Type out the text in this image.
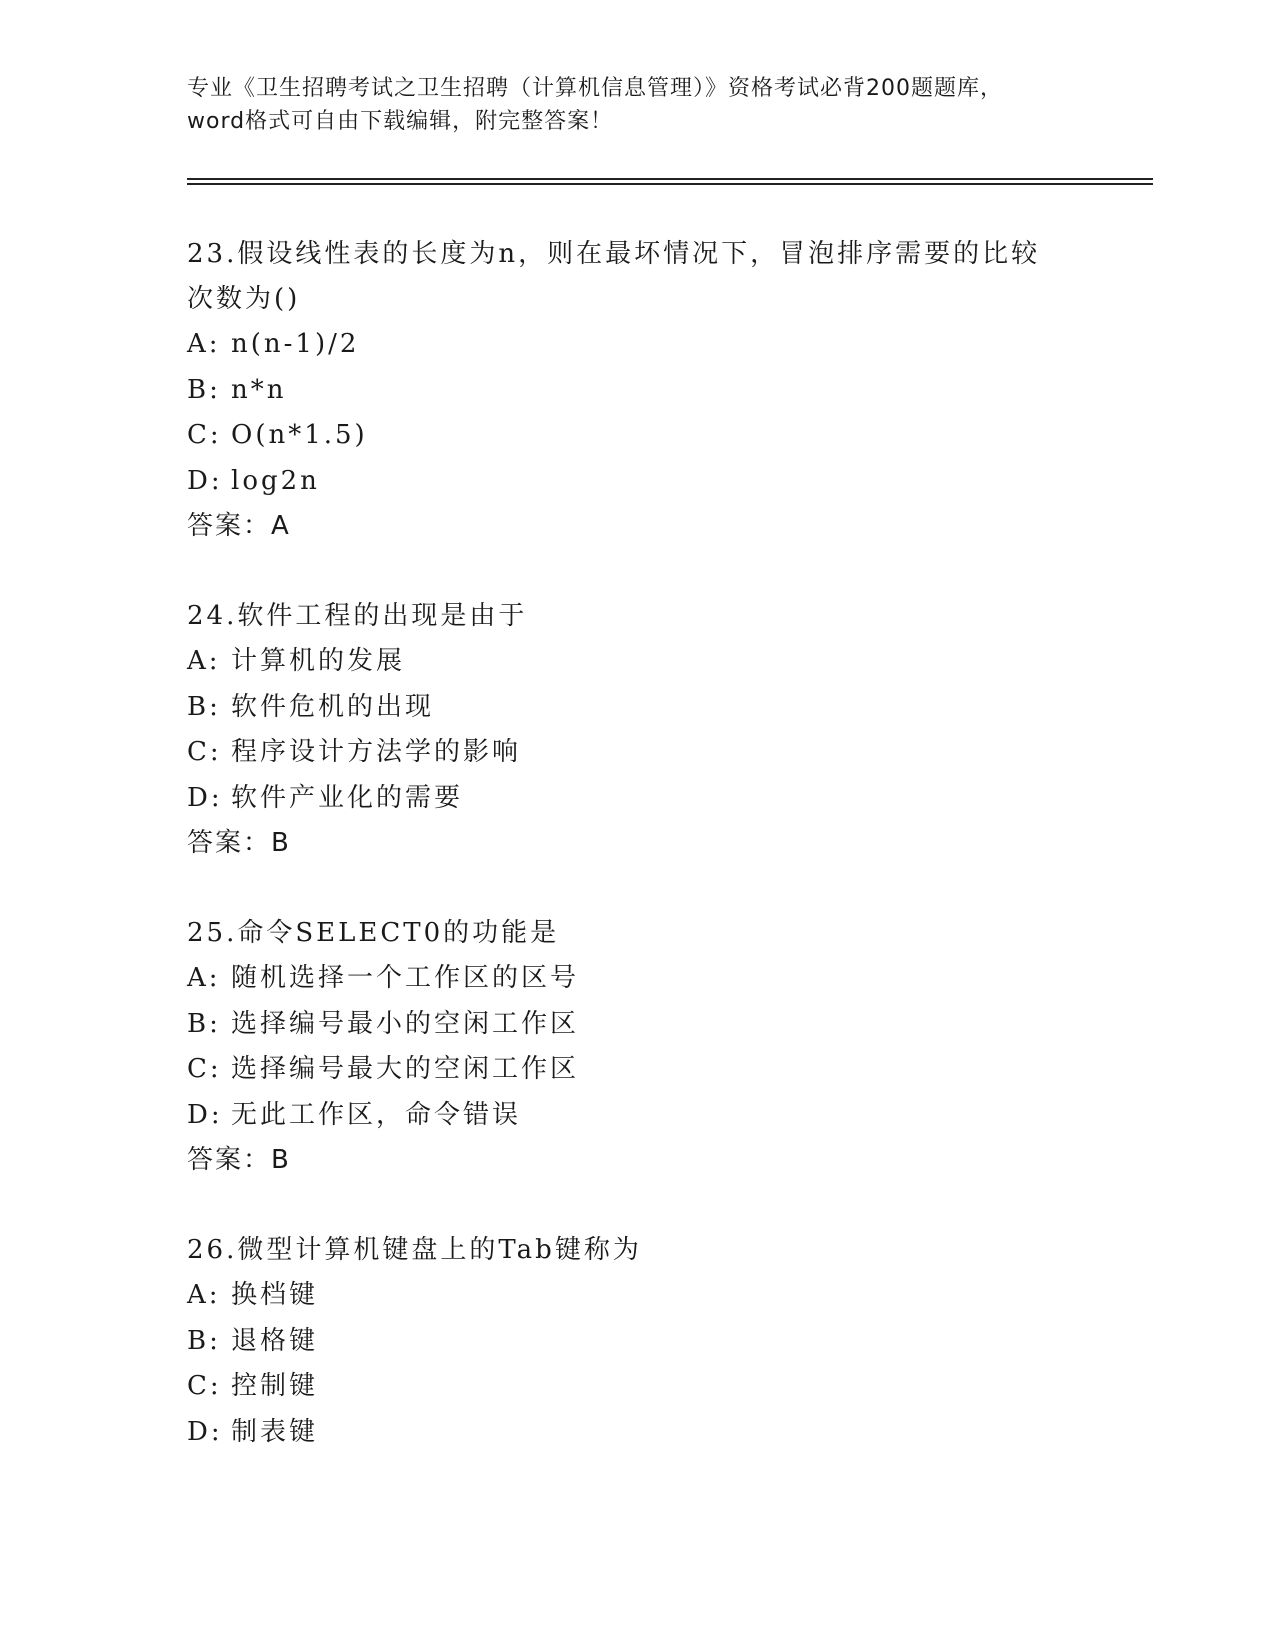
专业《卫生招聘考试之卫生招聘（计算机信息管理）》资格考试必背200题题库，
word格式可自由下载编辑，附完整答案！
23.假设线性表的长度为n，则在最坏情况下，冒泡排序需要的比较次数为()
A: n(n-1)/2
B: n*n
C: O(n*1.5)
D: log2n
答案：A
24.软件工程的出现是由于
A: 计算机的发展
B: 软件危机的出现
C: 程序设计方法学的影响
D: 软件产业化的需要
答案：B
25.命令SELECT0的功能是
A: 随机选择一个工作区的区号
B: 选择编号最小的空闲工作区
C: 选择编号最大的空闲工作区
D: 无此工作区，命令错误
答案：B
26.微型计算机键盘上的Tab键称为
A: 换档键
B: 退格键
C: 控制键
D: 制表键
